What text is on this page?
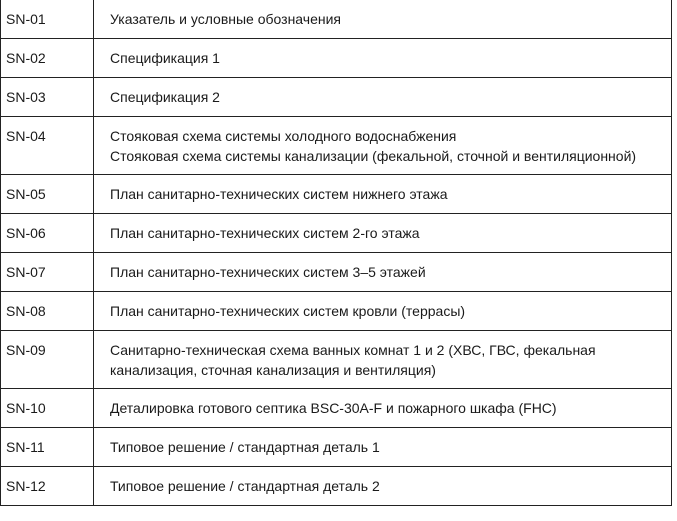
SN-01	Указатель и условные обозначения

SN-02	Спецификация 1

SN-03	Спецификация 2

SN-04	Стояковая схема системы холодного водоснабжения
Стояковая схема системы канализации (фекальной, сточной и вентиляционной)

SN-05	План санитарно-технических систем нижнего этажа

SN-06	План санитарно-технических систем 2-го этажа

SN-07	План санитарно-технических систем 3–5 этажей

SN-08	План санитарно-технических систем кровли (террасы)

SN-09	Санитарно-техническая схема ванных комнат 1 и 2 (ХВС, ГВС, фекальная
канализация, сточная канализация и вентиляция)

SN-10	Деталировка готового септика BSC-30A-F и пожарного шкафа (FHC)

SN-11	Типовое решение / стандартная деталь 1

SN-12	Типовое решение / стандартная деталь 2
